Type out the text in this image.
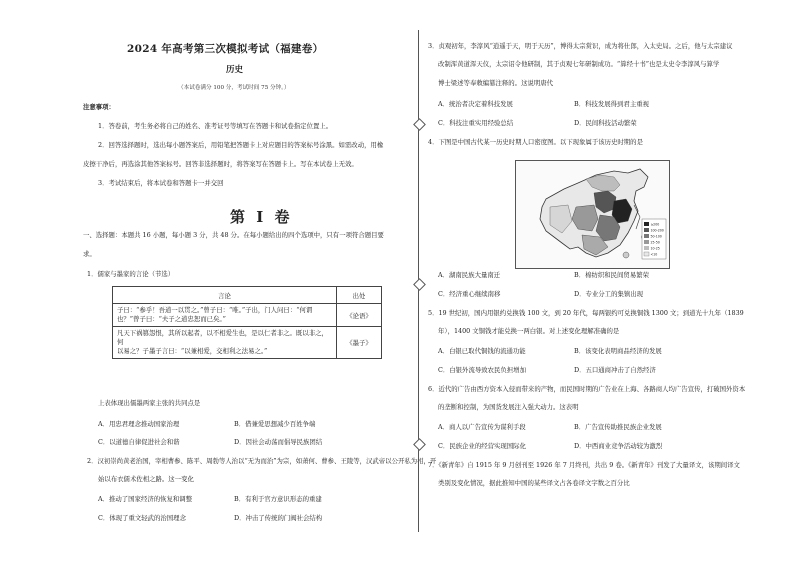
2024 年高考第三次模拟考试（福建卷）
历史
（本试卷满分 100 分，考试时间 75 分钟。）
注意事项：
1．答卷前，考生务必将自己的姓名、准考证号等填写在答题卡和试卷指定位置上。
2．回答选择题时，选出每小题答案后，用铅笔把答题卡上对应题目的答案标号涂黑。如需改动，用橡
皮擦干净后，再选涂其他答案标号。回答非选择题时，将答案写在答题卡上。写在本试卷上无效。
3．考试结束后，将本试卷和答题卡一并交回
第 I 卷
一、选择题：本题共 16 小题，每小题 3 分，共 48 分。在每小题给出的四个选项中，只有一项符合题目要
求。
1．儒家与墨家的言论（节选）
言论	出处

子曰：“参乎！吾道一以贯之。”曾子曰：“唯。”子出，门人问曰：“何谓
也？”曾子曰：“夫子之道忠恕而已矣。”	《论语》

凡天下祸篡怨恨，其所以起者，以不相爱生也，是以仁者非之。既以非之，何
以易之？子墨子言曰：“以兼相爱，交相利之法易之。”	《墨子》
上表体现出儒墨两家主张的共同点是
A．用忠君理念推动国家治理	B．借兼爱思想减少百姓争端
C．以道德自律促进社会和谐	D．因社会动荡而倡导民族团结
2．汉初崇尚黄老治国，宰相曹参、陈平、周勃等人治以“无为而治”为宗，如萧何、曹参、王陵等，汉武帝以公开私为相，开
始以布衣儒术佐相之路。这一变化
A．推动了国家经济的恢复和调整	B．有利于官方意识形态的重建
C．体现了重文轻武的治国理念	D．冲击了传统的门阀社会结构
3．贞观初年，李淳风“逍遥于天，明于天历”，博得太宗赏识，成为将仕郎，入太史局。之后，他与太宗建议
改制浑黄道浑天仪，太宗诏令他研制，其于贞观七年研制成功。“算经十书”也是太史令李淳风与算学
博士梁述等奉敕编纂注释的。这说明唐代
A．统治者决定着科技发展	B．科技发展得到君主重视
C．科技注重实用经验总结	D．民间科技活动繁荣
4．下图是中国古代某一历史时期人口密度图。以下现象属于该历史时期的是
≥200
100-200
50-100
25-50
10-25
<10
A．湖南民族大量南迁	B．棉纺织和民间贸易繁荣
C．经济重心继续南移	D．专业分工的集镇出现
5．19 世纪初，国内用银约兑换钱 100 文，到 20 年代，每两银约可兑换铜钱 1300 文；到道光十九年（1839
年），1400 文铜钱才能兑换一两白银。对上述变化理解准确的是
A．白银已取代铜钱的流通功能	B．该变化表明商品经济的发展
C．白银外流导致农民负担增加	D．五口通商冲击了自然经济
6．近代的广告由西方资本入侵而带来的产物，而民国时期的广告业在上海、各路商人均广告宣传，打破国外资本
的垄断和控制，为国货发展注入强大动力。这表明
A．商人以广告宣传为谋利手段	B．广告宣传助推民族企业发展
C．民族企业的经营实现国际化	D．中西商业竞争活动较为激烈
7．《新青年》自 1915 年 9 月创刊至 1926 年 7 月终刊，共出 9 卷。《新青年》刊发了大量译文，该期间译文
类别及变化情况，据此推知中国的某些译文占各卷译文字数之百分比
